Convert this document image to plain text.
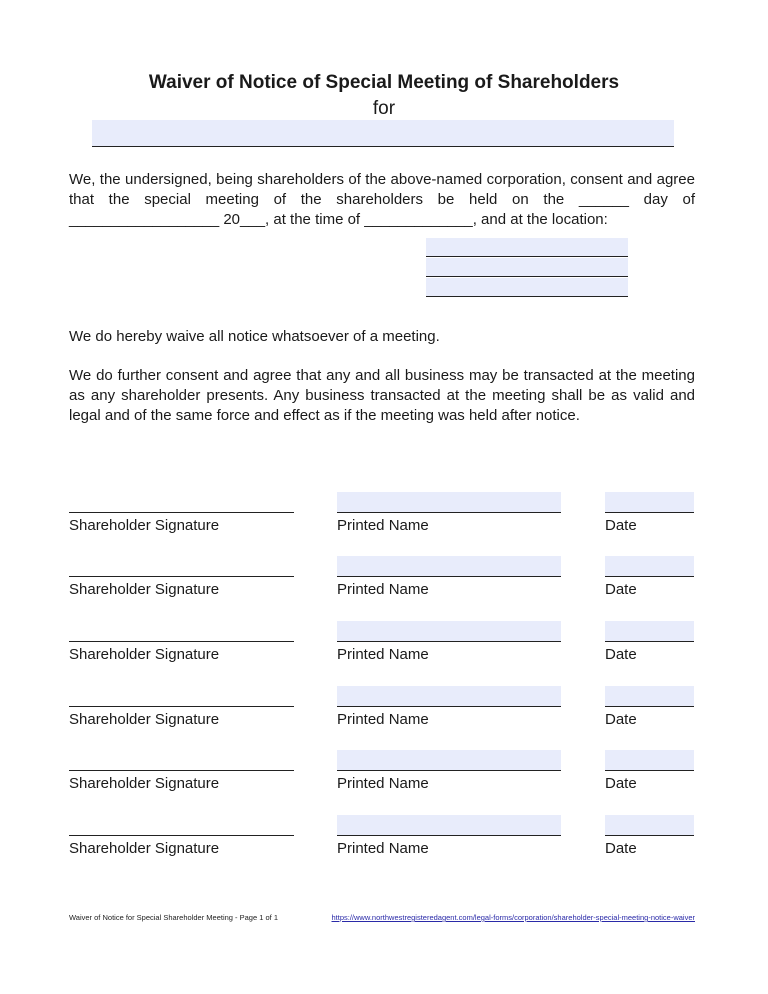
Waiver of Notice of Special Meeting of Shareholders
for

We, the undersigned, being shareholders of the above-named corporation, consent and agree that the special meeting of the shareholders be held on the ______ day of __________________ 20___, at the time of _____________, and at the location:

We do hereby waive all notice whatsoever of a meeting.

We do further consent and agree that any and all business may be transacted at the meeting as any shareholder presents. Any business transacted at the meeting shall be as valid and legal and of the same force and effect as if the meeting was held after notice.

Shareholder Signature	Printed Name	Date
Shareholder Signature	Printed Name	Date
Shareholder Signature	Printed Name	Date
Shareholder Signature	Printed Name	Date
Shareholder Signature	Printed Name	Date
Shareholder Signature	Printed Name	Date
Waiver of Notice for Special Shareholder Meeting - Page 1 of 1	https://www.northwestregisteredagent.com/legal-forms/corporation/shareholder-special-meeting-notice-waiver
